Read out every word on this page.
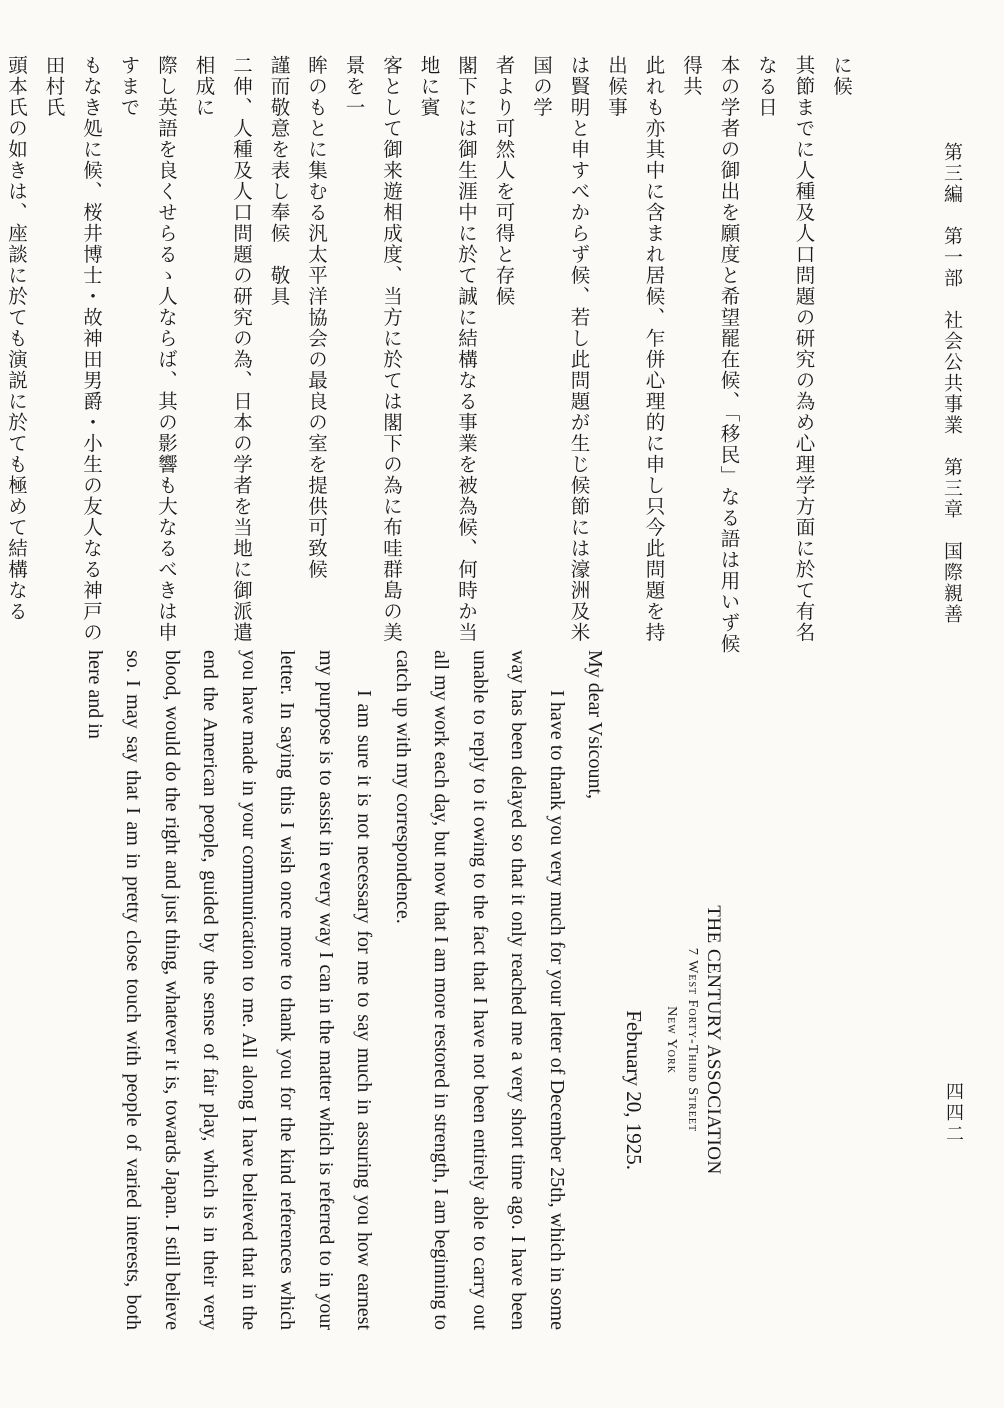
第三編　第一部　社会公共事業　第三章　国際親善
四四二

に候

其節までに人種及人口問題の研究の為め心理学方面に於て有名なる日

本の学者の御出を願度と希望罷在候、「移民」なる語は用いず候得共

此れも亦其中に含まれ居候、乍併心理的に申し只今此問題を持出候事

は賢明と申すべからず候、若し此問題が生じ候節には濠洲及米国の学

者より可然人を可得と存候

閣下には御生涯中に於て誠に結構なる事業を被為候、何時か当地に賓

客として御来遊相成度、当方に於ては閣下の為に布哇群島の美景を一

眸のもとに集むる汎太平洋協会の最良の室を提供可致候

謹而敬意を表し奉候　敬具

二伸、人種及人口問題の研究の為、日本の学者を当地に御派遣相成に

際し英語を良くせらるゝ人ならば、其の影響も大なるべきは申すまで

もなき処に候、桜井博士・故神田男爵・小生の友人なる神戸の田村氏

頭本氏の如きは、座談に於ても演説に於ても極めて結構なる

THE CENTURY ASSOCIATION
7 West Forty-Third Street
New York
February 20, 1925.
My dear Vsicount,

I have to thank you very much for your letter of December 25th, which in some way has been delayed so that it only reached me a very short time ago. I have been unable to reply to it owing to the fact that I have not been entirely able to carry out all my work each day, but now that I am more restored in strength, I am beginning to catch up with my correspondence.

I am sure it is not necessary for me to say much in assuring you how earnest my purpose is to assist in every way I can in the matter which is referred to in your letter. In saying this I wish once more to thank you for the kind references which you have made in your communication to me. All along I have believed that in the end the American people, guided by the sense of fair play, which is in their very blood, would do the right and just thing, whatever it is, towards Japan. I still believe so. I may say that I am in pretty close touch with people of varied interests, both here and in
